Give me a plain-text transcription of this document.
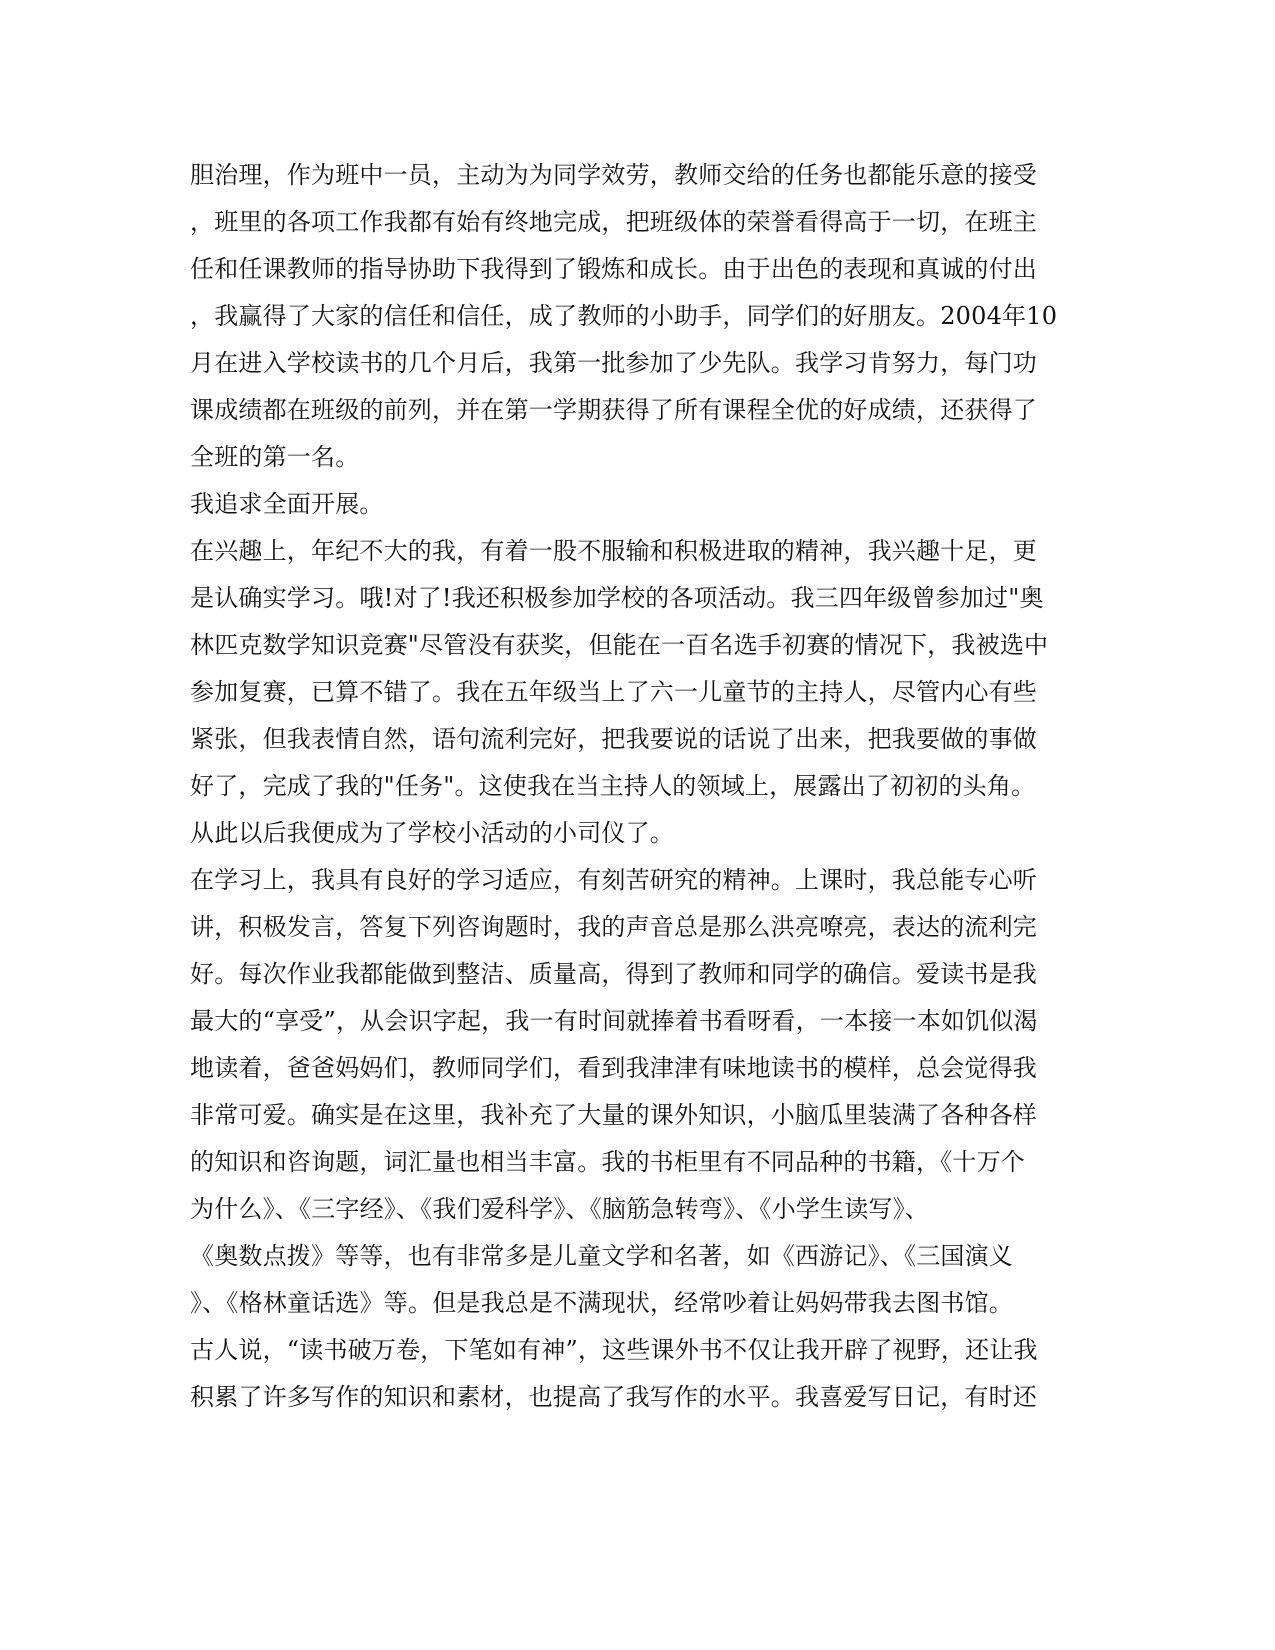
胆治理，作为班中一员，主动为为同学效劳，教师交给的任务也都能乐意的接受
，班里的各项工作我都有始有终地完成，把班级体的荣誉看得高于一切，在班主
任和任课教师的指导协助下我得到了锻炼和成长。由于出色的表现和真诚的付出
，我赢得了大家的信任和信任，成了教师的小助手，同学们的好朋友。2004年10
月在进入学校读书的几个月后，我第一批参加了少先队。我学习肯努力，每门功
课成绩都在班级的前列，并在第一学期获得了所有课程全优的好成绩，还获得了
全班的第一名。
我追求全面开展。
在兴趣上，年纪不大的我，有着一股不服输和积极进取的精神，我兴趣十足，更
是认确实学习。哦!对了!我还积极参加学校的各项活动。我三四年级曾参加过"奥
林匹克数学知识竞赛"尽管没有获奖，但能在一百名选手初赛的情况下，我被选中
参加复赛，已算不错了。我在五年级当上了六一儿童节的主持人，尽管内心有些
紧张，但我表情自然，语句流利完好，把我要说的话说了出来，把我要做的事做
好了，完成了我的"任务"。这使我在当主持人的领域上，展露出了初初的头角。
从此以后我便成为了学校小活动的小司仪了。
在学习上，我具有良好的学习适应，有刻苦研究的精神。上课时，我总能专心听
讲，积极发言，答复下列咨询题时，我的声音总是那么洪亮嘹亮，表达的流利完
好。每次作业我都能做到整洁、质量高，得到了教师和同学的确信。爱读书是我
最大的“享受”，从会识字起，我一有时间就捧着书看呀看，一本接一本如饥似渴
地读着，爸爸妈妈们，教师同学们，看到我津津有味地读书的模样，总会觉得我
非常可爱。确实是在这里，我补充了大量的课外知识，小脑瓜里装满了各种各样
的知识和咨询题，词汇量也相当丰富。我的书柜里有不同品种的书籍，《十万个
为什么》、《三字经》、《我们爱科学》、《脑筋急转弯》、《小学生读写》、
《奥数点拨》等等，也有非常多是儿童文学和名著，如《西游记》、《三国演义
》、《格林童话选》等。但是我总是不满现状，经常吵着让妈妈带我去图书馆。
古人说，“读书破万卷，下笔如有神”，这些课外书不仅让我开辟了视野，还让我
积累了许多写作的知识和素材，也提高了我写作的水平。我喜爱写日记，有时还
